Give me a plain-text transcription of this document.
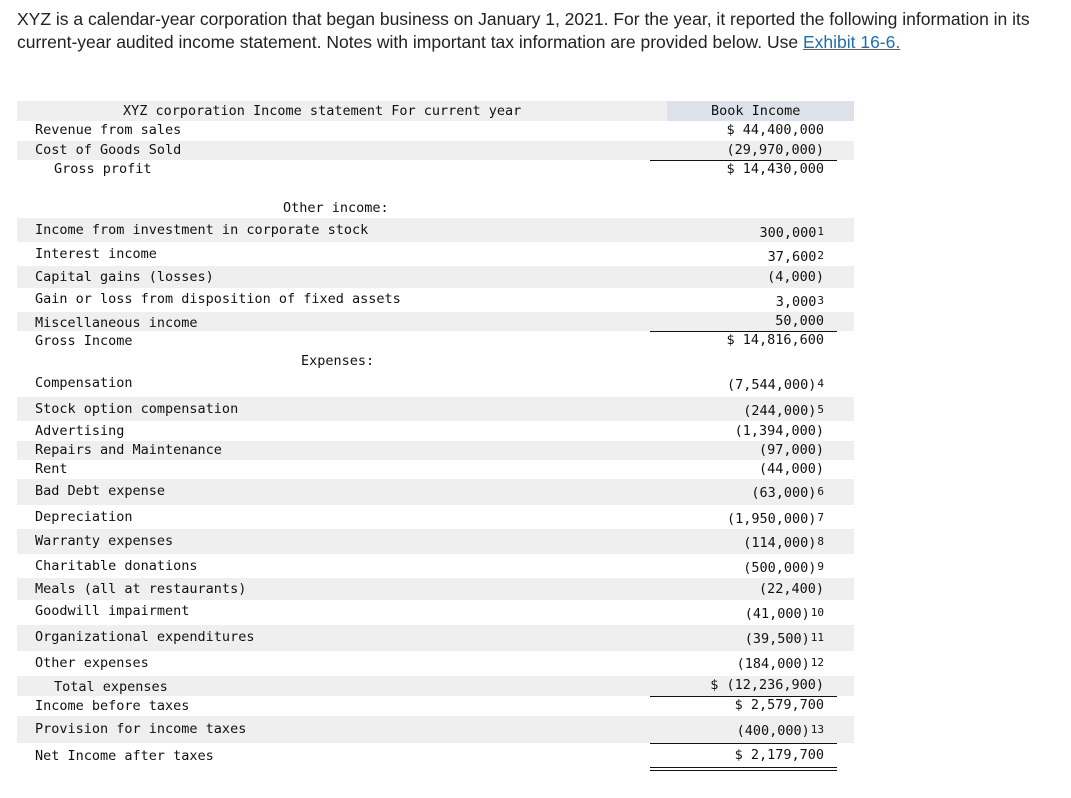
XYZ is a calendar-year corporation that began business on January 1, 2021. For the year, it reported the following information in its current-year audited income statement. Notes with important tax information are provided below. Use Exhibit 16-6.
XYZ corporation Income statement For current year	Book Income
Revenue from sales	$ 44,400,000
Cost of Goods Sold	(29,970,000)
Gross profit	$ 14,430,000
Other income:
Income from investment in corporate stock	300,000$^1$
Interest income	37,600$^2$
Capital gains (losses)	(4,000)
Gain or loss from disposition of fixed assets	3,000$^3$
Miscellaneous income	50,000
Gross Income	$ 14,816,600
Expenses:
Compensation	$(7,544,000)^4$
Stock option compensation	$(244,000)^5$
Advertising	(1,394,000)
Repairs and Maintenance	(97,000)
Rent	(44,000)
Bad Debt expense	$(63,000)^6$
Depreciation	$(1,950,000)^7$
Warranty expenses	$(114,000)^8$
Charitable donations	$(500,000)^9$
Meals (all at restaurants)	(22,400)
Goodwill impairment	$(41,000)^{10}$
Organizational expenditures	$(39,500)^{11}$
Other expenses	$(184,000)^{12}$
Total expenses	$ (12,236,900)
Income before taxes	$ 2,579,700
Provision for income taxes	$(400,000)^{13}$
Net Income after taxes	$ 2,179,700
